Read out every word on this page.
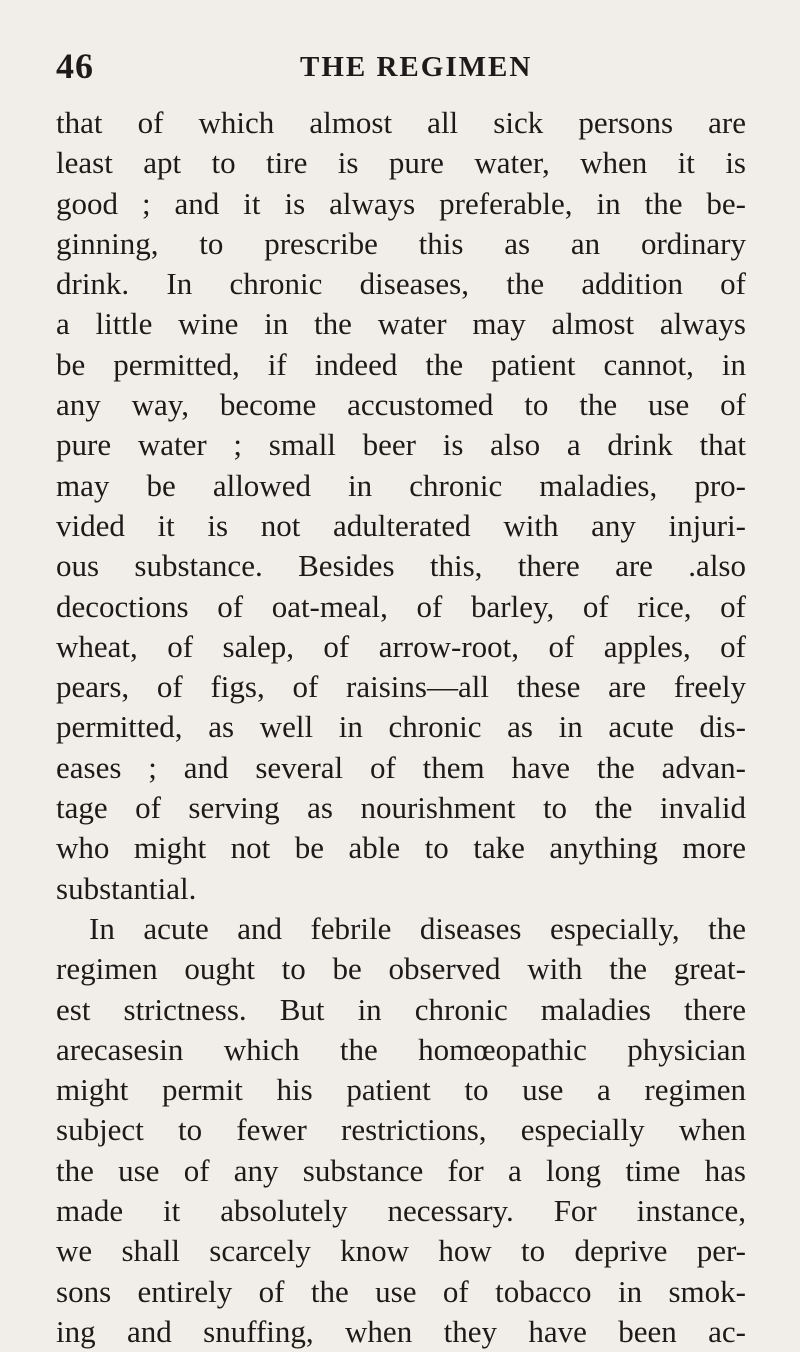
46	THE REGIMEN
that of which almost all sick persons are
least apt to tire is pure water, when it is
good ; and it is always preferable, in the be-
ginning, to prescribe this as an ordinary
drink. In chronic diseases, the addition of
a little wine in the water may almost always
be permitted, if indeed the patient cannot, in
any way, become accustomed to the use of
pure water ; small beer is also a drink that
may be allowed in chronic maladies, pro-
vided it is not adulterated with any injuri-
ous substance. Besides this, there are .also
decoctions of oat-meal, of barley, of rice, of
wheat, of salep, of arrow-root, of apples, of
pears, of figs, of raisins—all these are freely
permitted, as well in chronic as in acute dis-
eases ; and several of them have the advan-
tage of serving as nourishment to the invalid
who might not be able to take anything more
substantial.
In acute and febrile diseases especially, the
regimen ought to be observed with the great-
est strictness. But in chronic maladies there
arecasesin which the homœopathic physician
might permit his patient to use a regimen
subject to fewer restrictions, especially when
the use of any substance for a long time has
made it absolutely necessary. For instance,
we shall scarcely know how to deprive per-
sons entirely of the use of tobacco in smok-
ing and snuffing, when they have been ac-
